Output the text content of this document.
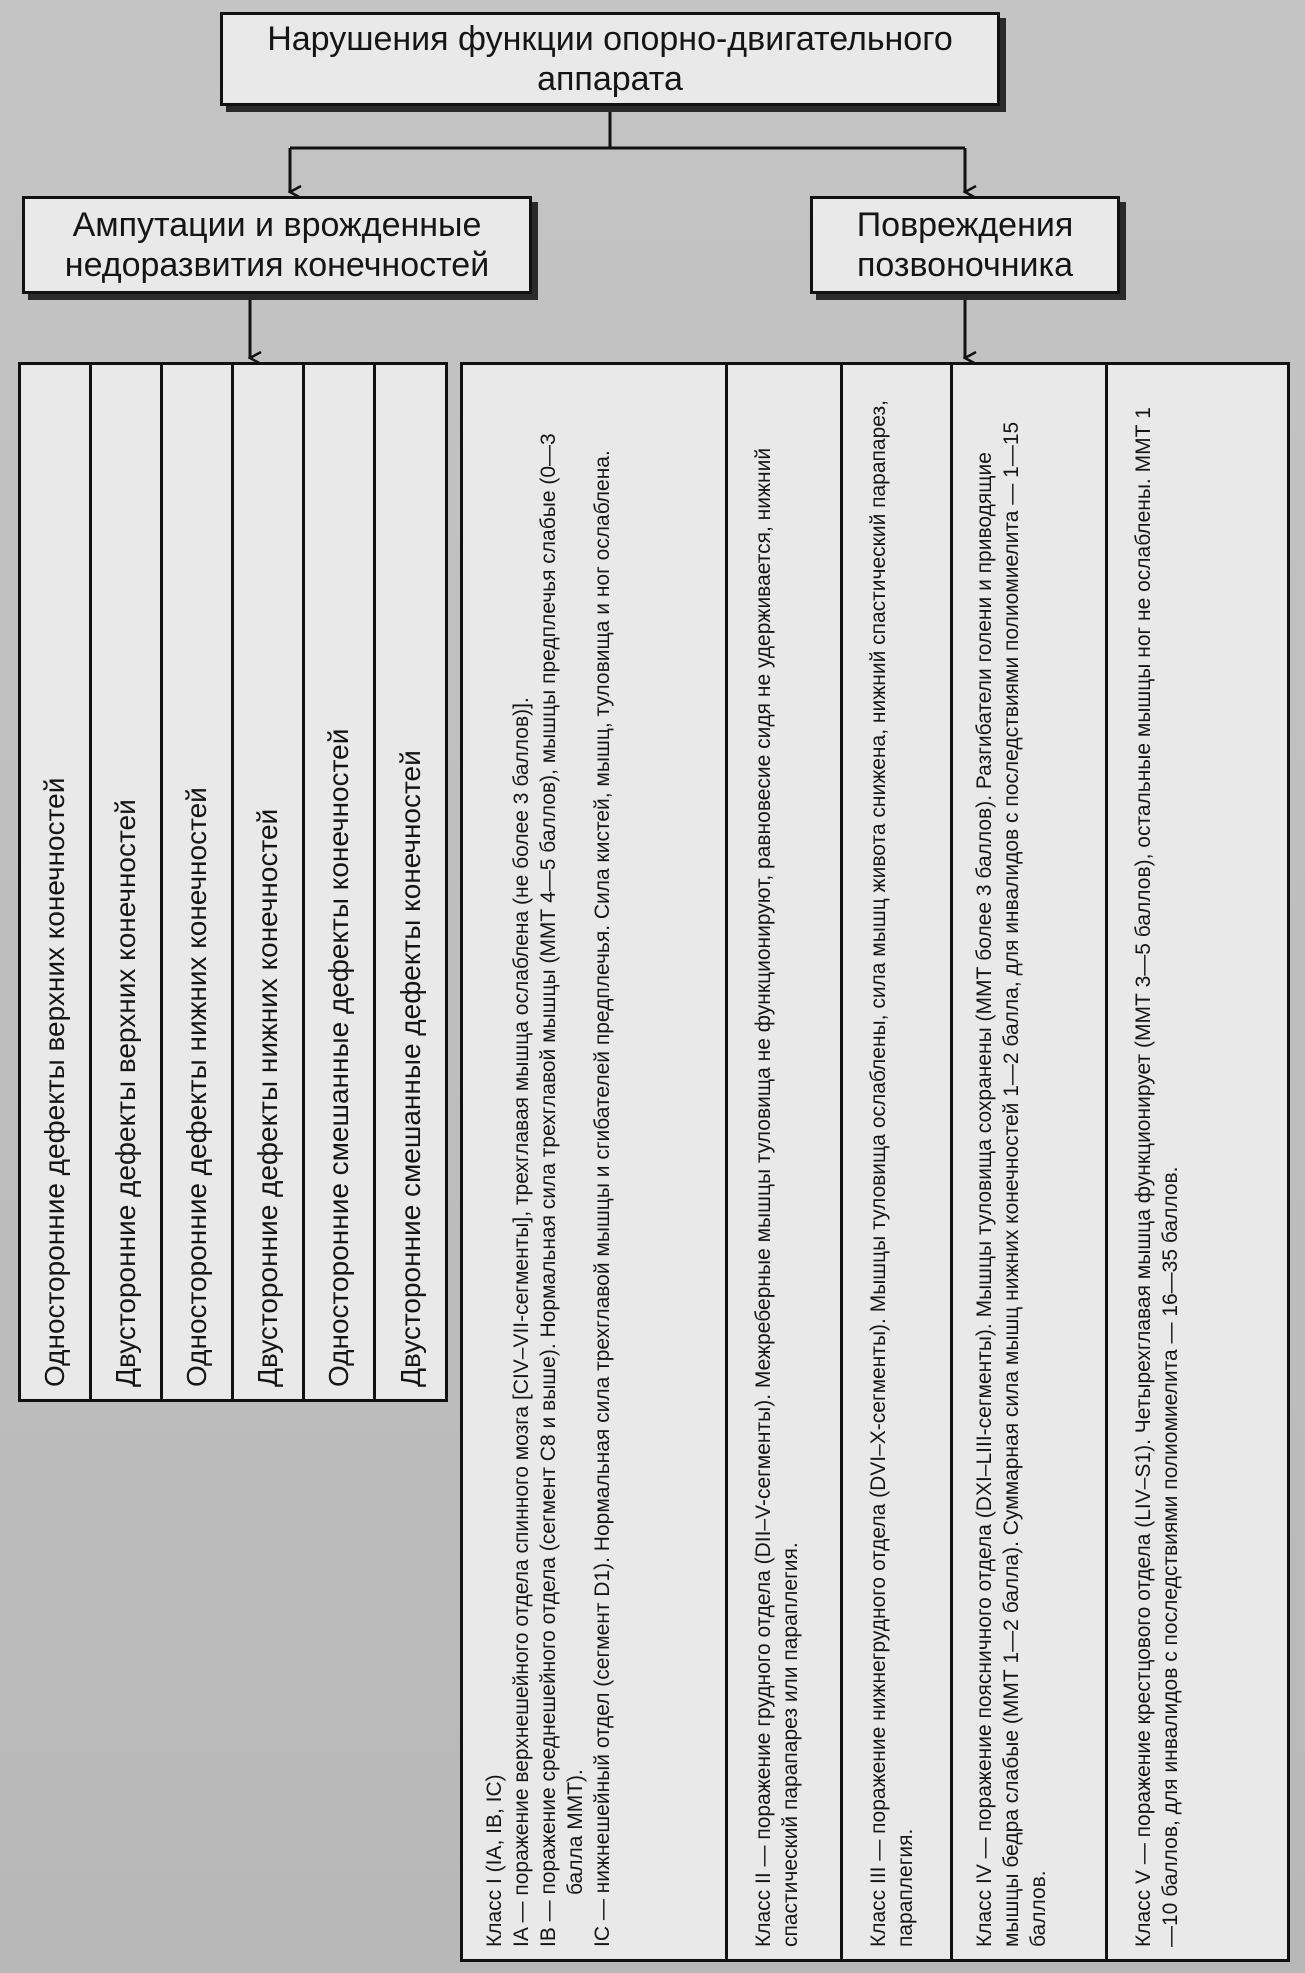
Нарушения функции опорно-двигательного аппарата
Ампутации и врожденные недоразвития конечностей
Повреждения позвоночника
Односторонние дефекты верхних конечностей Двусторонние дефекты верхних конечностей Односторонние дефекты нижних конечностей Двусторонние дефекты нижних конечностей Односторонние смешанные дефекты конечностей Двусторонние смешанные дефекты конечностей
Класс I (IA, IB, IC) IA — поражение верхнешейного отдела спинного мозга [CIV–VII-сегменты], трехглавая мышца ослаблена (не более 3 баллов)]. IB — поражение среднешейного отдела (сегмент C8 и выше). Нормальная сила трехглавой мышцы (ММТ 4—5 баллов), мышцы предплечья слабые (0—3 балла ММТ). IC — нижнешейный отдел (сегмент D1). Нормальная сила трехглавой мышцы и сгибателей предплечья. Сила кистей, мышц, туловища и ног ослаблена.	Класс II — поражение грудного отдела (DII–V-сегменты). Межреберные мышцы туловища не функционируют, равновесие сидя не удерживается, нижний спастический парапарез или параплегия.	Класс III — поражение нижнегрудного отдела (DVI–X-сегменты). Мышцы туловища ослаблены, сила мышц живота снижена, нижний спастический парапарез, параплегия.	Класс IV — поражение поясничного отдела (DXI–LIII-сегменты). Мышцы туловища сохранены (ММТ более 3 баллов). Разгибатели голени и приводящие мышцы бедра слабые (ММТ 1—2 балла). Суммарная сила мышц нижних конечностей 1—2 балла, для инвалидов с последствиями полиомиелита — 1—15 баллов.	Класс V — поражение крестцового отдела (LIV–S1). Четырехглавая мышца функционирует (ММТ 3—5 баллов), остальные мышцы ног не ослаблены. ММТ 1—10 баллов, для инвалидов с последствиями полиомиелита — 16—35 баллов.
